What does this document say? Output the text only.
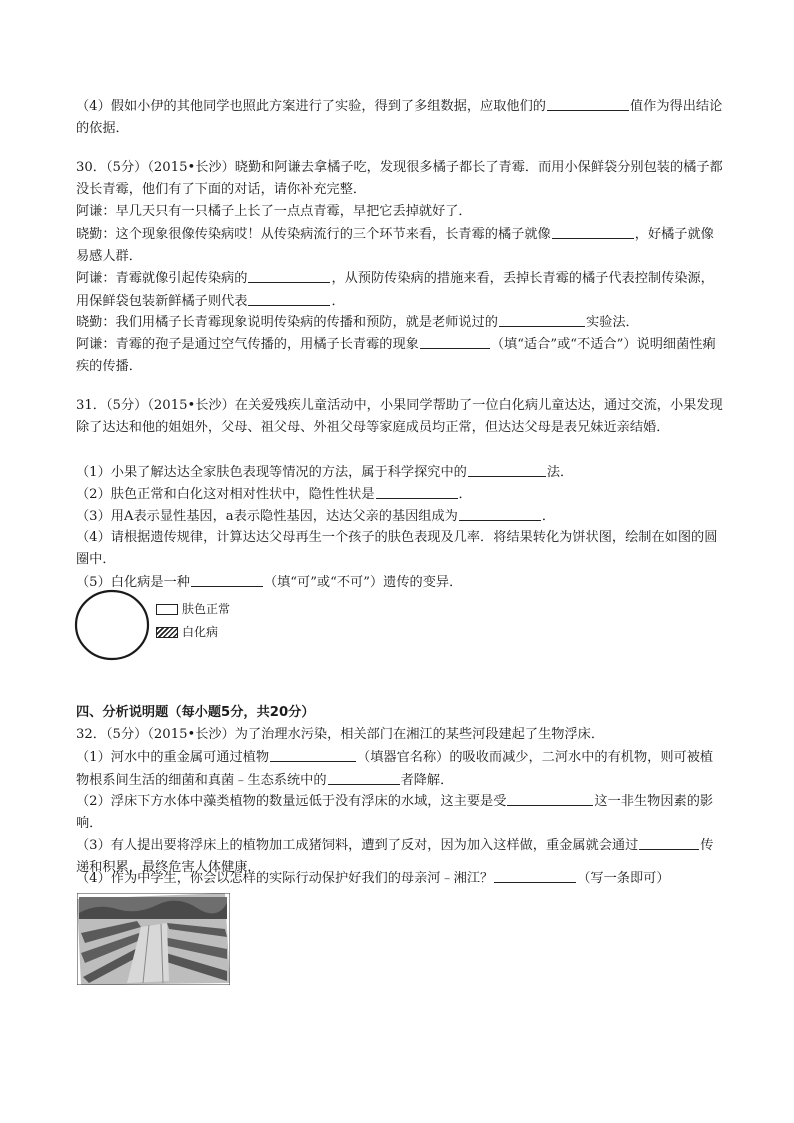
（4）假如小伊的其他同学也照此方案进行了实验，得到了多组数据，应取他们的	值作为得出结论的依据．

30．（5分）（2015•长沙）晓勤和阿谦去拿橘子吃，发现很多橘子都长了青霉．而用小保鲜袋分别包装的橘子都没长青霉，他们有了下面的对话，请你补充完整．

阿谦：早几天只有一只橘子上长了一点点青霉，早把它丢掉就好了．

晓勤：这个现象很像传染病哎！从传染病流行的三个环节来看，长青霉的橘子就像	，好橘子就像易感人群．

阿谦：青霉就像引起传染病的	，从预防传染病的措施来看，丢掉长青霉的橘子代表控制传染源，用保鲜袋包装新鲜橘子则代表	．

晓勤：我们用橘子长青霉现象说明传染病的传播和预防，就是老师说过的	实验法．

阿谦：青霉的孢子是通过空气传播的，用橘子长青霉的现象	（填“适合”或“不适合”）说明细菌性痢疾的传播．

31．（5分）（2015•长沙）在关爱残疾儿童活动中，小果同学帮助了一位白化病儿童达达，通过交流，小果发现除了达达和他的姐姐外，父母、祖父母、外祖父母等家庭成员均正常，但达达父母是表兄妹近亲结婚．

（1）小果了解达达全家肤色表现等情况的方法，属于科学探究中的	法．

（2）肤色正常和白化这对相对性状中，隐性性状是	．

（3）用A表示显性基因，a表示隐性基因，达达父亲的基因组成为	．

（4）请根据遗传规律，计算达达父母再生一个孩子的肤色表现及几率．将结果转化为饼状图，绘制在如图的圆圈中．

（5）白化病是一种	（填“可”或“不可”）遗传的变异．

肤色正常
白化病

四、分析说明题（每小题5分，共20分）

32．（5分）（2015•长沙）为了治理水污染，相关部门在湘江的某些河段建起了生物浮床．

（1）河水中的重金属可通过植物	（填器官名称）的吸收而减少，二河水中的有机物，则可被植物根系间生活的细菌和真菌﹣生态系统中的	者降解．

（2）浮床下方水体中藻类植物的数量远低于没有浮床的水域，这主要是受	这一非生物因素的影响．

（3）有人提出要将浮床上的植物加工成猪饲料，遭到了反对，因为加入这样做，重金属就会通过	传递和积累，最终危害人体健康．

（4）作为中学生，你会以怎样的实际行动保护好我们的母亲河﹣湘江？	（写一条即可）
